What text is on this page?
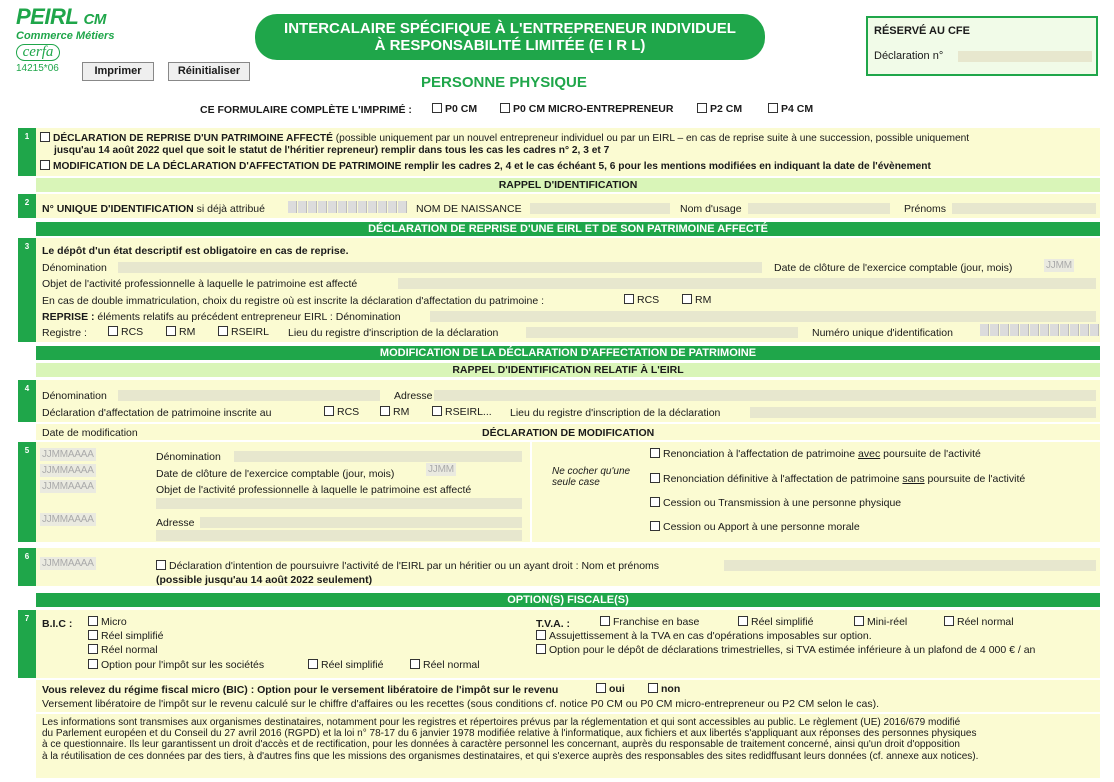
PEIRL CM
Commerce Métiers
cerfa
14215*06	Imprimer	Réinitialiser
INTERCALAIRE SPÉCIFIQUE À L'ENTREPRENEUR INDIVIDUEL
À RESPONSABILITÉ LIMITÉE (E I R L)
PERSONNE PHYSIQUE
RÉSERVÉ AU CFE
Déclaration n°
CE FORMULAIRE COMPLÈTE L'IMPRIMÉ :	P0 CM	P0 CM MICRO-ENTREPRENEUR	P2 CM	P4 CM
1	DÉCLARATION DE REPRISE D'UN PATRIMOINE AFFECTÉ (possible uniquement par un nouvel entrepreneur individuel ou par un EIRL – en cas de reprise suite à une succession, possible uniquement
jusqu'au 14 août 2022 quel que soit le statut de l'héritier repreneur) remplir dans tous les cas les cadres n° 2, 3 et 7
MODIFICATION DE LA DÉCLARATION D'AFFECTATION DE PATRIMOINE remplir les cadres 2, 4 et le cas échéant 5, 6 pour les mentions modifiées en indiquant la date de l'évènement
RAPPEL D'IDENTIFICATION
2
N° UNIQUE D'IDENTIFICATION si déjà attribué	NOM DE NAISSANCE	Nom d'usage	Prénoms
DÉCLARATION DE REPRISE D'UNE EIRL ET DE SON PATRIMOINE AFFECTÉ
3	Le dépôt d'un état descriptif est obligatoire en cas de reprise.
Dénomination	Date de clôture de l'exercice comptable (jour, mois)	JJMM
Objet de l'activité professionnelle à laquelle le patrimoine est affecté
En cas de double immatriculation, choix du registre où est inscrite la déclaration d'affectation du patrimoine :	RCS	RM
REPRISE : éléments relatifs au précédent entrepreneur EIRL : Dénomination
Registre :	RCS	RM	RSEIRL Lieu du registre d'inscription de la déclaration	Numéro unique d'identification
MODIFICATION DE LA DÉCLARATION D'AFFECTATION DE PATRIMOINE
RAPPEL D'IDENTIFICATION RELATIF À L'EIRL
4
Dénomination	Adresse
Déclaration d'affectation de patrimoine inscrite au	RCS	RM	RSEIRL... Lieu du registre d'inscription de la déclaration
Date de modification	DÉCLARATION DE MODIFICATION
5	JJMMAAAA	Dénomination
JJMMAAAA	Date de clôture de l'exercice comptable (jour, mois)	JJMM
JJMMAAAA	Objet de l'activité professionnelle à laquelle le patrimoine est affecté
JJMMAAAA	Adresse
Ne cocher qu'une seule case
Renonciation à l'affectation de patrimoine avec poursuite de l'activité
Renonciation définitive à l'affectation de patrimoine sans poursuite de l'activité
Cession ou Transmission à une personne physique
Cession ou Apport à une personne morale
6
JJMMAAAA	Déclaration d'intention de poursuivre l'activité de l'EIRL par un héritier ou un ayant droit : Nom et prénoms
(possible jusqu'au 14 août 2022 seulement)
OPTION(S) FISCALE(S)
7	B.I.C :	Micro
Réel simplifié
Réel normal
Option pour l'impôt sur les sociétés	Réel simplifié	Réel normal
T.V.A. :	Franchise en base	Réel simplifié	Mini-réel	Réel normal
Assujettissement à la TVA en cas d'opérations imposables sur option.
Option pour le dépôt de déclarations trimestrielles, si TVA estimée inférieure à un plafond de 4 000 € / an
Vous relevez du régime fiscal micro (BIC) : Option pour le versement libératoire de l'impôt sur le revenu	oui	non
Versement libératoire de l'impôt sur le revenu calculé sur le chiffre d'affaires ou les recettes (sous conditions cf. notice P0 CM ou P0 CM micro-entrepreneur ou P2 CM selon le cas).
Les informations sont transmises aux organismes destinataires, notamment pour les registres et répertoires prévus par la réglementation et qui sont accessibles au public. Le règlement (UE) 2016/679 modifié
du Parlement européen et du Conseil du 27 avril 2016 (RGPD) et la loi n° 78-17 du 6 janvier 1978 modifiée relative à l'informatique, aux fichiers et aux libertés s'appliquant aux réponses des personnes physiques
à ce questionnaire. Ils leur garantissent un droit d'accès et de rectification, pour les données à caractère personnel les concernant, auprès du responsable de traitement concerné, ainsi qu'un droit d'opposition
à la réutilisation de ces données par des tiers, à d'autres fins que les missions des organismes destinataires, et qui s'exerce auprès des responsables des sites redidffusant leurs données (cf. annexe aux notices).
